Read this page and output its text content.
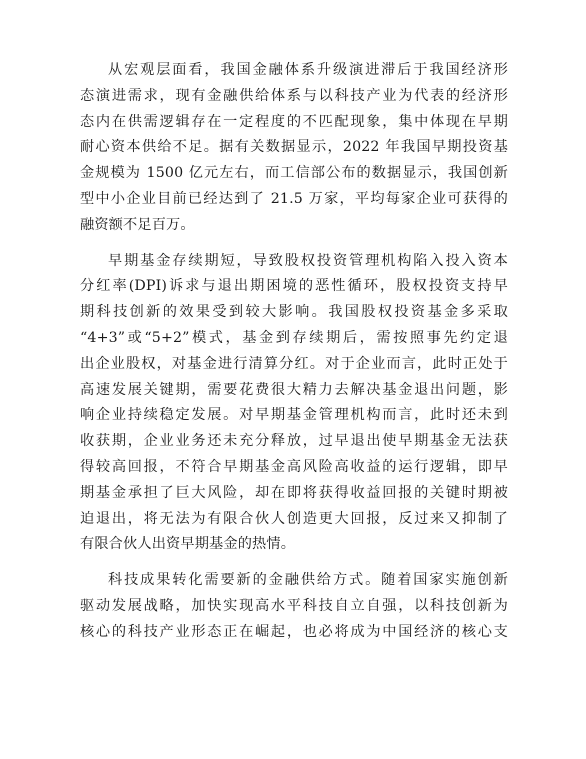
从宏观层面看，我国金融体系升级演进滞后于我国经济形
态演进需求，现有金融供给体系与以科技产业为代表的经济形
态内在供需逻辑存在一定程度的不匹配现象，集中体现在早期
耐心资本供给不足。据有关数据显示，2022 年我国早期投资基
金规模为 1500 亿元左右，而工信部公布的数据显示，我国创新
型中小企业目前已经达到了 21.5 万家，平均每家企业可获得的
融资额不足百万。
早期基金存续期短，导致股权投资管理机构陷入投入资本
分红率(DPI)诉求与退出期困境的恶性循环，股权投资支持早
期科技创新的效果受到较大影响。我国股权投资基金多采取
“4+3”或“5+2”模式，基金到存续期后，需按照事先约定退
出企业股权，对基金进行清算分红。对于企业而言，此时正处于
高速发展关键期，需要花费很大精力去解决基金退出问题，影
响企业持续稳定发展。对早期基金管理机构而言，此时还未到
收获期，企业业务还未充分释放，过早退出使早期基金无法获
得较高回报，不符合早期基金高风险高收益的运行逻辑，即早
期基金承担了巨大风险，却在即将获得收益回报的关键时期被
迫退出，将无法为有限合伙人创造更大回报，反过来又抑制了
有限合伙人出资早期基金的热情。
科技成果转化需要新的金融供给方式。随着国家实施创新
驱动发展战略，加快实现高水平科技自立自强，以科技创新为
核心的科技产业形态正在崛起，也必将成为中国经济的核心支
